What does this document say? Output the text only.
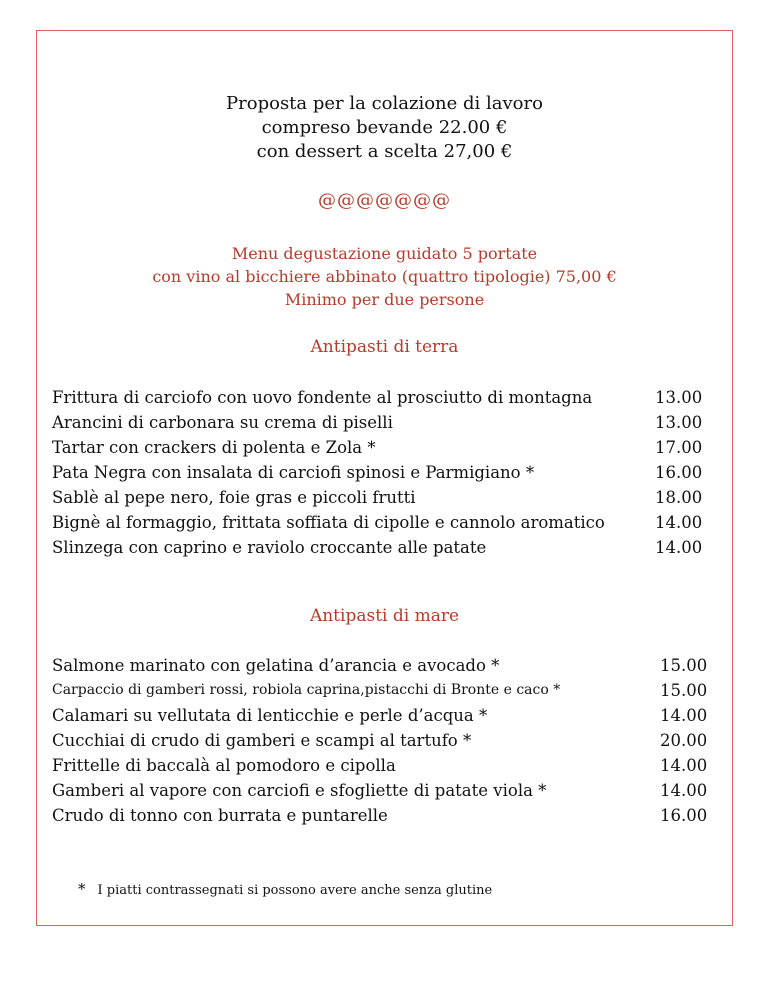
Proposta per la colazione di lavoro
compreso bevande 22.00 €
con dessert a scelta 27,00 €
@@@@@@@
Menu degustazione guidato 5 portate
con vino al bicchiere abbinato (quattro tipologie) 75,00 €
Minimo per due persone
Antipasti di terra
Frittura di carciofo con uovo fondente al prosciutto di montagna	13.00
Arancini di carbonara su crema di piselli	13.00
Tartar con crackers di polenta e Zola *	17.00
Pata Negra con insalata di carciofi spinosi e Parmigiano *	16.00
Sablè al pepe nero, foie gras e piccoli frutti	18.00
Bignè al formaggio, frittata soffiata di cipolle e cannolo aromatico	14.00
Slinzega con caprino e raviolo croccante alle patate	14.00
Antipasti di mare
Salmone marinato con gelatina d’arancia e avocado *	15.00
Carpaccio di gamberi rossi, robiola caprina,pistacchi di Bronte e caco *	15.00
Calamari su vellutata di lenticchie e perle d’acqua *	14.00
Cucchiai di crudo di gamberi e scampi al tartufo *	20.00
Frittelle di baccalà al pomodoro e cipolla	14.00
Gamberi al vapore con carciofi e sfogliette di patate viola *	14.00
Crudo di tonno con burrata e puntarelle	16.00
* I piatti contrassegnati si possono avere anche senza glutine
